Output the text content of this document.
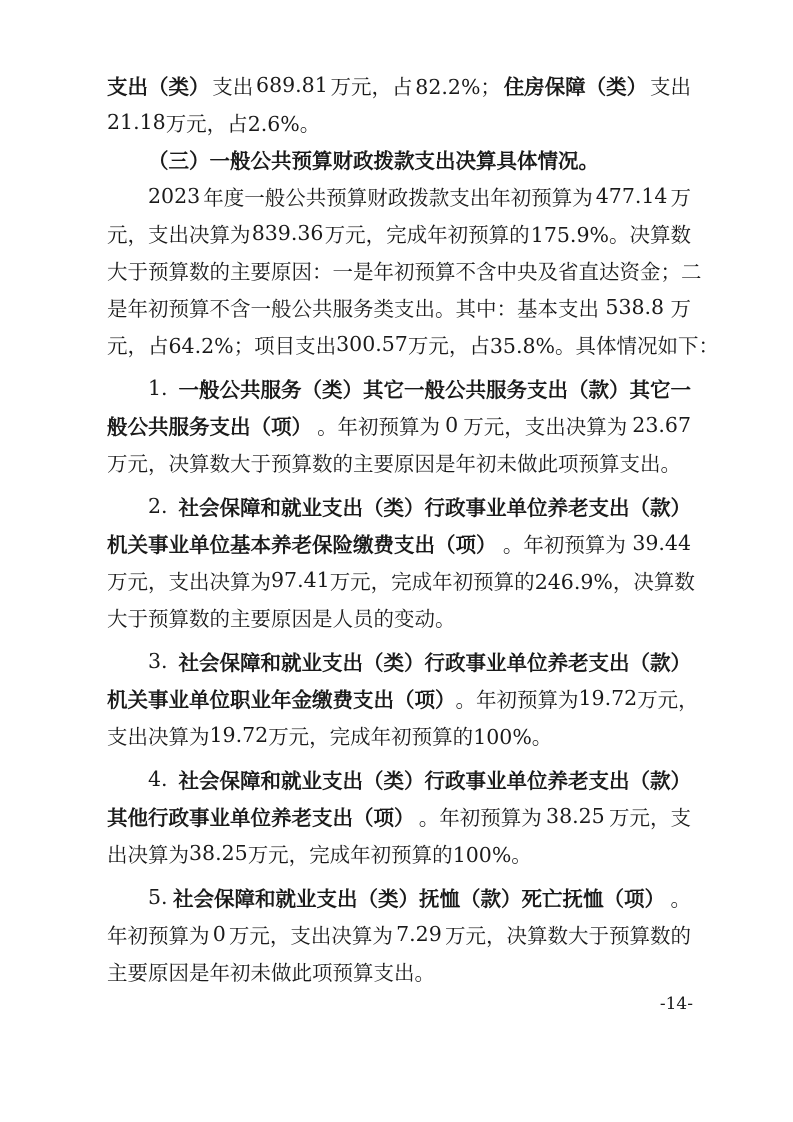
支出（类） 支出 689.81 万元，占 82.2%； 住房保障（类） 支出
21.18 万元，占 2.6%。
（三）一般公共预算财政拨款支出决算具体情况。
2023 年度一般公共预算财政拨款支出年初预算为 477.14 万
元，支出决算为 839.36 万元，完成年初预算的 175.9%。决算数
大于预算数的主要原因：一是年初预算不含中央及省直达资金；二
是年初预算不含一般公共服务类支出。其中：基本支出 538.8 万
元，占 64.2%；项目支出 300.57 万元，占 35.8%。具体情况如下：
1. 一般公共服务（类）其它一般公共服务支出（款）其它一
般公共服务支出（项） 。年初预算为 0 万元，支出决算为 23.67
万元，决算数大于预算数的主要原因是年初未做此项预算支出。
2. 社会保障和就业支出（类）行政事业单位养老支出（款）
机关事业单位基本养老保险缴费支出（项） 。年初预算为 39.44
万元，支出决算为 97.41 万元，完成年初预算的 246.9%，决算数
大于预算数的主要原因是人员的变动。
3. 社会保障和就业支出（类）行政事业单位养老支出（款）
机关事业单位职业年金缴费支出（项） 。年初预算为 19.72 万元，
支出决算为 19.72 万元，完成年初预算的 100%。
4. 社会保障和就业支出（类）行政事业单位养老支出（款）
其他行政事业单位养老支出（项） 。年初预算为 38.25 万元，支
出决算为 38.25 万元，完成年初预算的 100%。
5. 社会保障和就业支出（类）抚恤（款）死亡抚恤（项） 。
年初预算为 0 万元，支出决算为 7.29 万元，决算数大于预算数的
主要原因是年初未做此项预算支出。
-14-
